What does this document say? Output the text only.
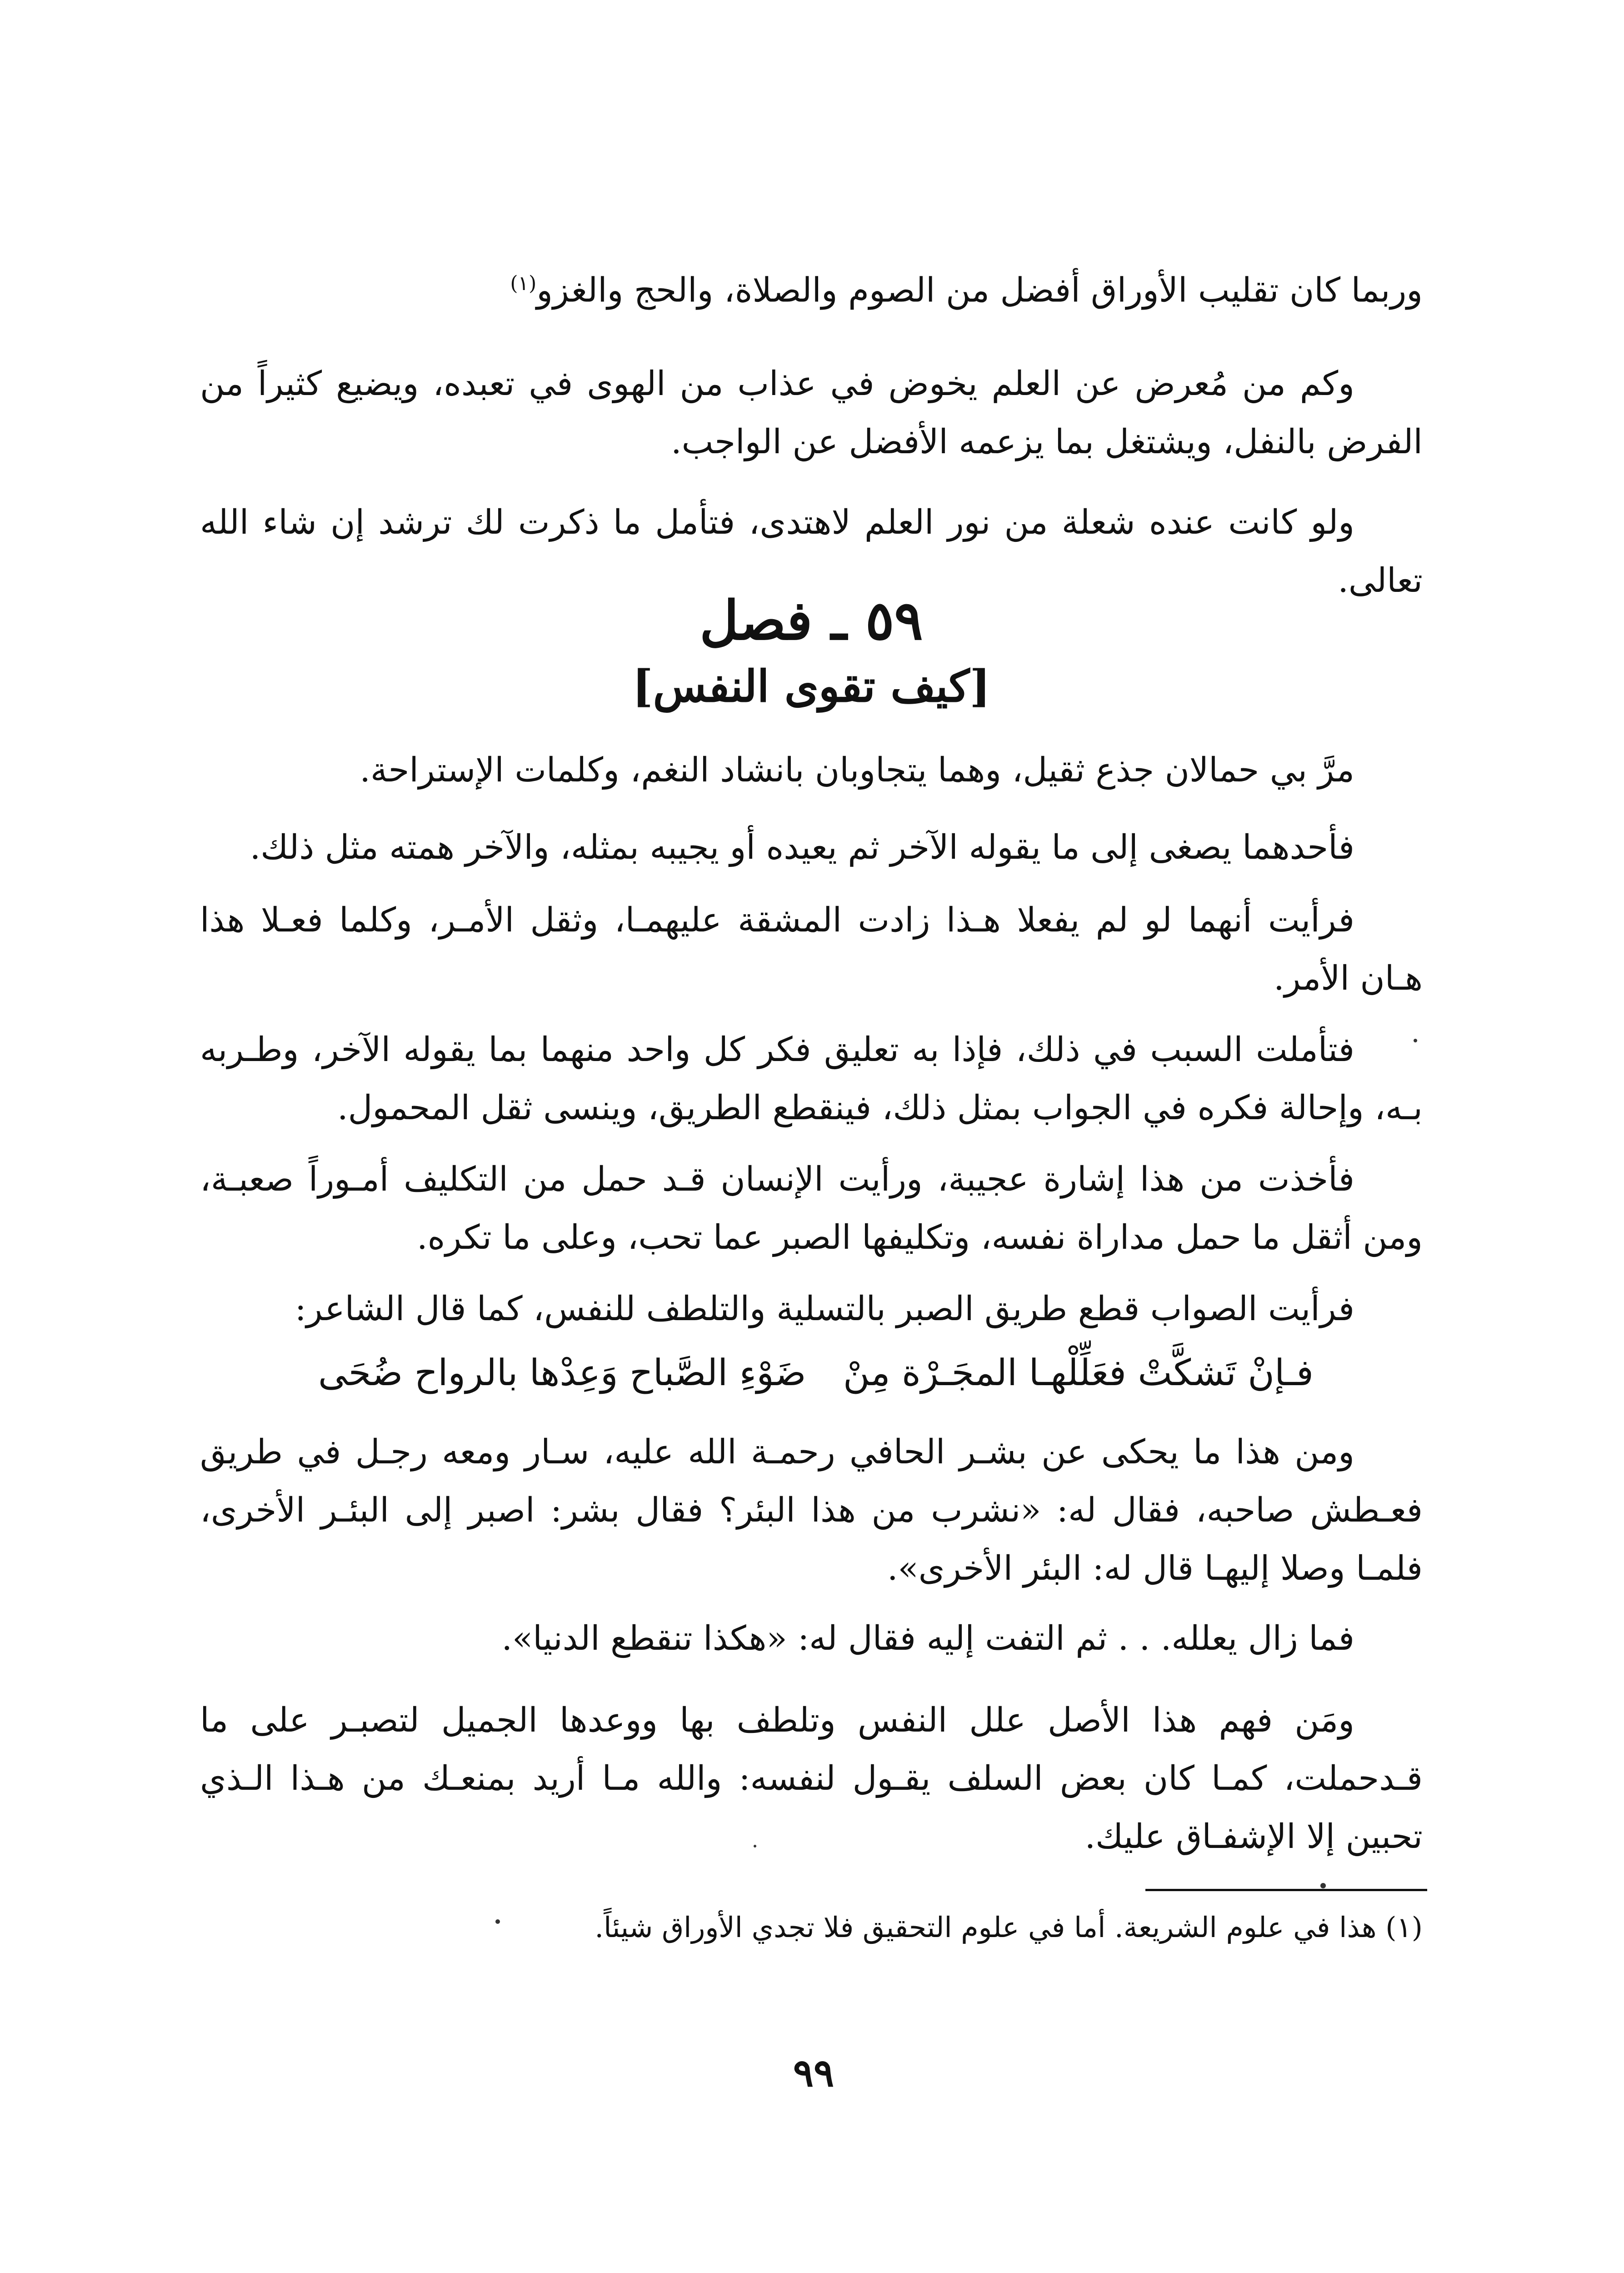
وربما كان تقليب الأوراق أفضل من الصوم والصلاة، والحج والغزو$^{(١)}$

وكم من مُعرض عن العلم يخوض في عذاب من الهوى في تعبده، ويضيع كثيراً من الفرض بالنفل، ويشتغل بما يزعمه الأفضل عن الواجب.

ولو كانت عنده شعلة من نور العلم لاهتدى، فتأمل ما ذكرت لك ترشد إن شاء الله تعالى.

٥٩ ـ فصل
[كيف تقوى النفس]

مرَّ بي حمالان جذع ثقيل، وهما يتجاوبان بانشاد النغم، وكلمات الإستراحة.

فأحدهما يصغى إلى ما يقوله الآخر ثم يعيده أو يجيبه بمثله، والآخر همته مثل ذلك.

فرأيت أنهما لو لم يفعلا هـذا زادت المشقة عليهمـا، وثقل الأمـر، وكلما فعـلا هذا هـان الأمر.

فتأملت السبب في ذلك، فإذا به تعليق فكر كل واحد منهما بما يقوله الآخر، وطـربه بـه، وإحالة فكره في الجواب بمثل ذلك، فينقطع الطريق، وينسى ثقل المحمول.

فأخذت من هذا إشارة عجيبة، ورأيت الإنسان قـد حمل من التكليف أمـوراً صعبـة، ومن أثقل ما حمل مداراة نفسه، وتكليفها الصبر عما تحب، وعلى ما تكره.

فرأيت الصواب قطع طريق الصبر بالتسلية والتلطف للنفس، كما قال الشاعر:

فـإنْ تَشكَّتْ فعَلِّلْهـا المجَـرْة مِنْ
ضَوْءِ الصَّباح وَعِدْها بالرواح ضُحَى

ومن هذا ما يحكى عن بشـر الحافي رحمـة الله عليه، سـار ومعه رجـل في طريق فعـطش صاحبه، فقال له: «نشرب من هذا البئر؟ فقال بشر: اصبر إلى البئـر الأخرى، فلمـا وصلا إليهـا قال له: البئر الأخرى».

فما زال يعلله. . . ثم التفت إليه فقال له: «هكذا تنقطع الدنيا».

ومَن فهم هذا الأصل علل النفس وتلطف بها ووعدها الجميل لتصبـر على ما قـدحملت، كمـا كان بعض السلف يقـول لنفسه: والله مـا أريد بمنعـك من هـذا الـذي تحبين إلا الإشفـاق عليك.

(١) هذا في علوم الشريعة. أما في علوم التحقيق فلا تجدي الأوراق شيئاً.

٩٩
